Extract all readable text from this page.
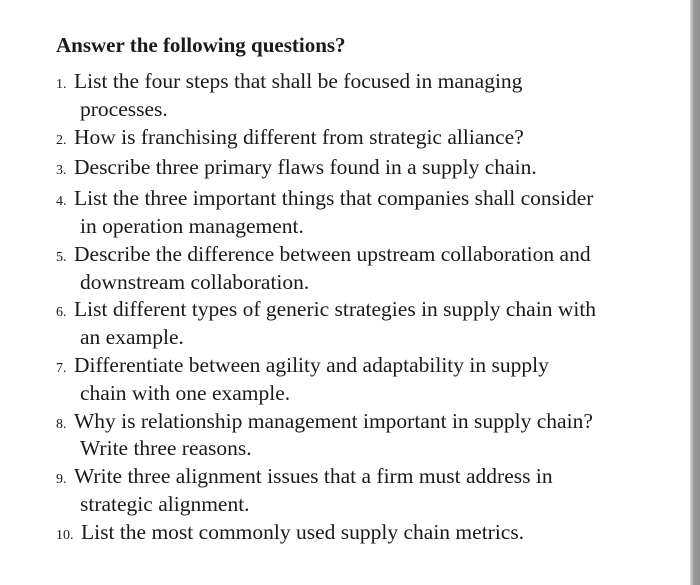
Answer the following questions?
1. List the four steps that shall be focused in managing
processes.
2. How is franchising different from strategic alliance?
3. Describe three primary flaws found in a supply chain.
4. List the three important things that companies shall consider
in operation management.
5. Describe the difference between upstream collaboration and
downstream collaboration.
6. List different types of generic strategies in supply chain with
an example.
7. Differentiate between agility and adaptability in supply
chain with one example.
8. Why is relationship management important in supply chain?
Write three reasons.
9. Write three alignment issues that a firm must address in
strategic alignment.
10. List the most commonly used supply chain metrics.
